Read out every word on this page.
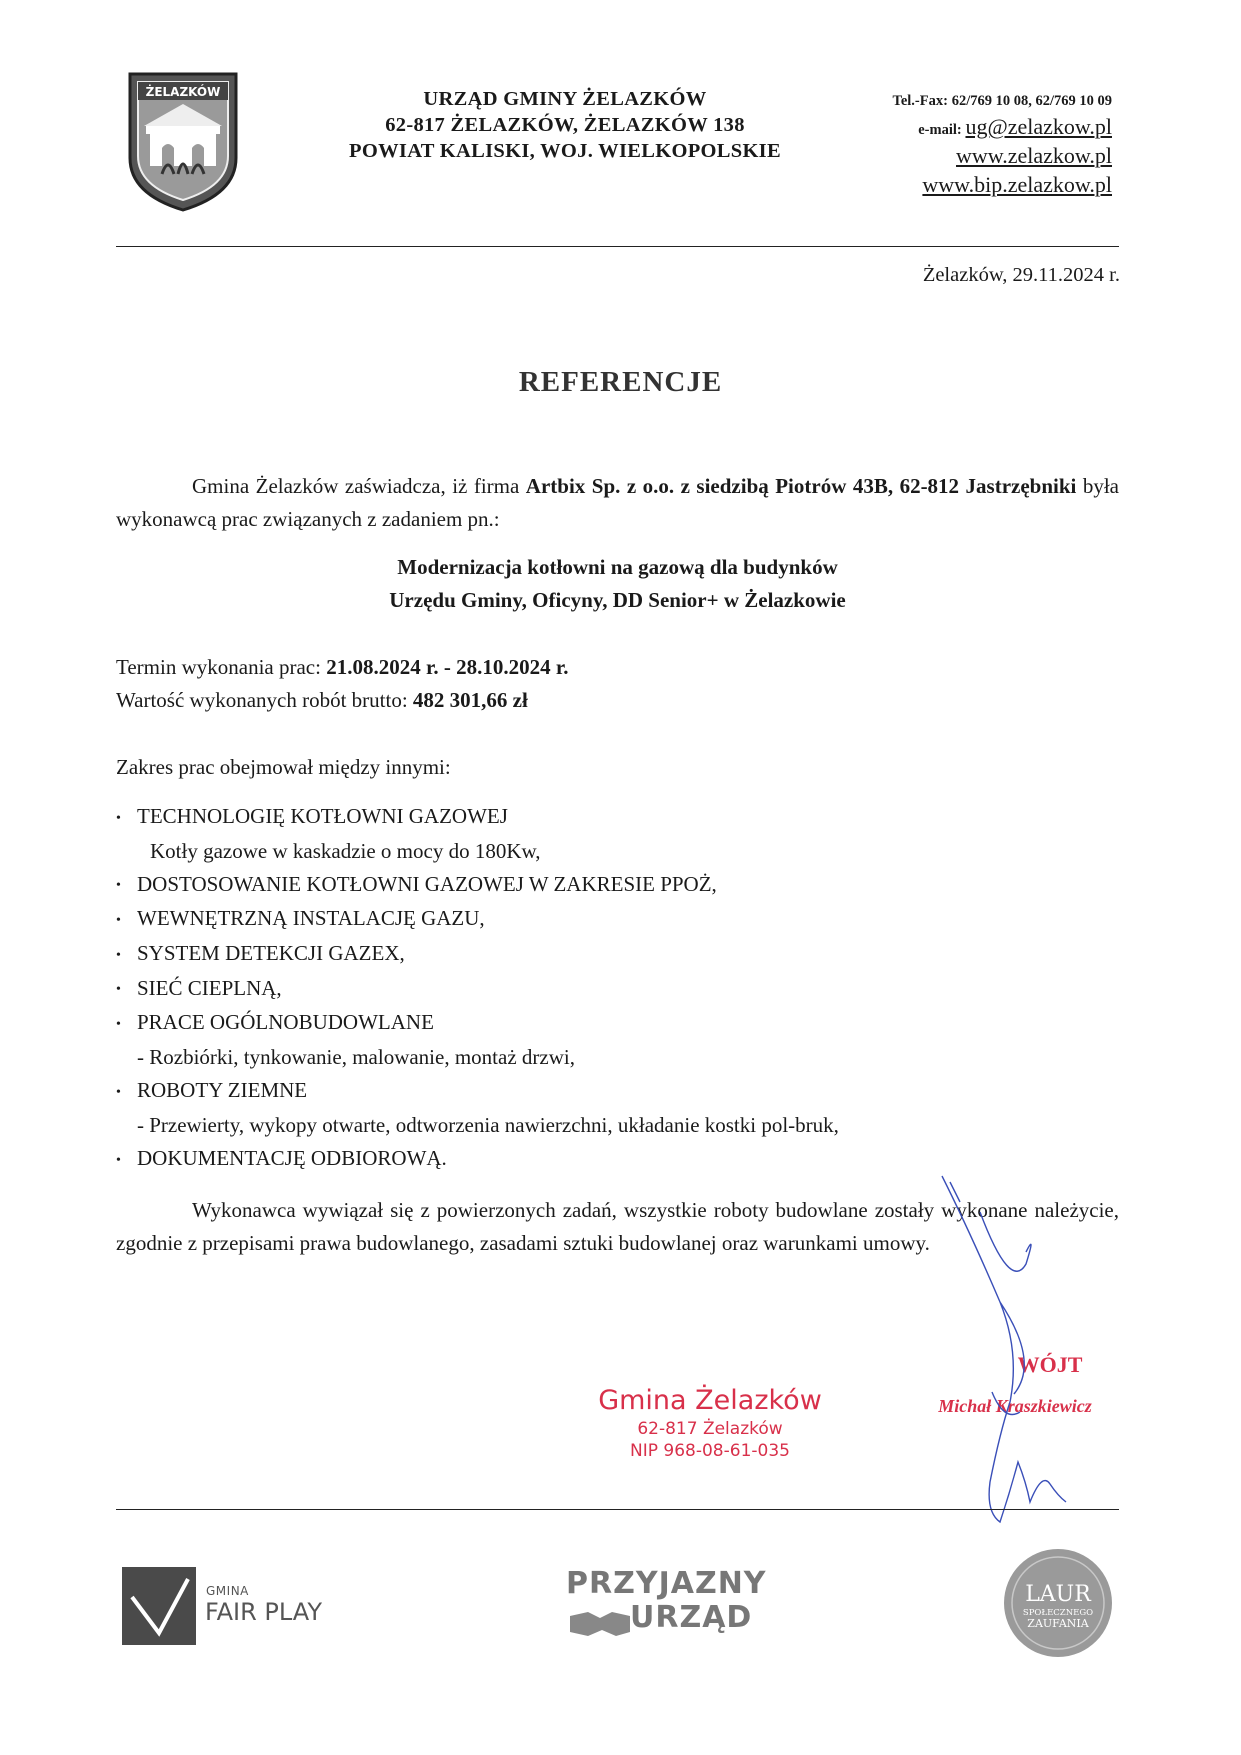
ŻELAZKÓW	URZĄD GMINY ŻELAZKÓW
62-817 ŻELAZKÓW, ŻELAZKÓW 138
POWIAT KALISKI, WOJ. WIELKOPOLSKIE
Tel.-Fax: 62/769 10 08, 62/769 10 09
e-mail: ug@zelazkow.pl
www.zelazkow.pl
www.bip.zelazkow.pl
Żelazków, 29.11.2024 r.
REFERENCJE
Gmina Żelazków zaświadcza, iż firma Artbix Sp. z o.o. z siedzibą Piotrów 43B, 62-812 Jastrzębniki była wykonawcą prac związanych z zadaniem pn.:
Modernizacja kotłowni na gazową dla budynków
Urzędu Gminy, Oficyny, DD Senior+ w Żelazkowie
Termin wykonania prac: 21.08.2024 r. - 28.10.2024 r.
Wartość wykonanych robót brutto: 482 301,66 zł
Zakres prac obejmował między innymi:
• TECHNOLOGIĘ KOTŁOWNI GAZOWEJ
Kotły gazowe w kaskadzie o mocy do 180Kw,
• DOSTOSOWANIE KOTŁOWNI GAZOWEJ W ZAKRESIE PPOŻ,
• WEWNĘTRZNĄ INSTALACJĘ GAZU,
• SYSTEM DETEKCJI GAZEX,
• SIEĆ CIEPLNĄ,
• PRACE OGÓLNOBUDOWLANE
- Rozbiórki, tynkowanie, malowanie, montaż drzwi,
• ROBOTY ZIEMNE
- Przewierty, wykopy otwarte, odtworzenia nawierzchni, układanie kostki pol-bruk,
• DOKUMENTACJĘ ODBIOROWĄ.
Wykonawca wywiązał się z powierzonych zadań, wszystkie roboty budowlane zostały wykonane należycie, zgodnie z przepisami prawa budowlanego, zasadami sztuki budowlanej oraz warunkami umowy.
Gmina Żelazków
62-817 Żelazków
NIP 968-08-61-035
WÓJT
Michał Kraszkiewicz
GMINA
FAIR PLAY
PRZYJAZNY
URZĄD
LAUR
SPOŁECZNEGO
ZAUFANIA
